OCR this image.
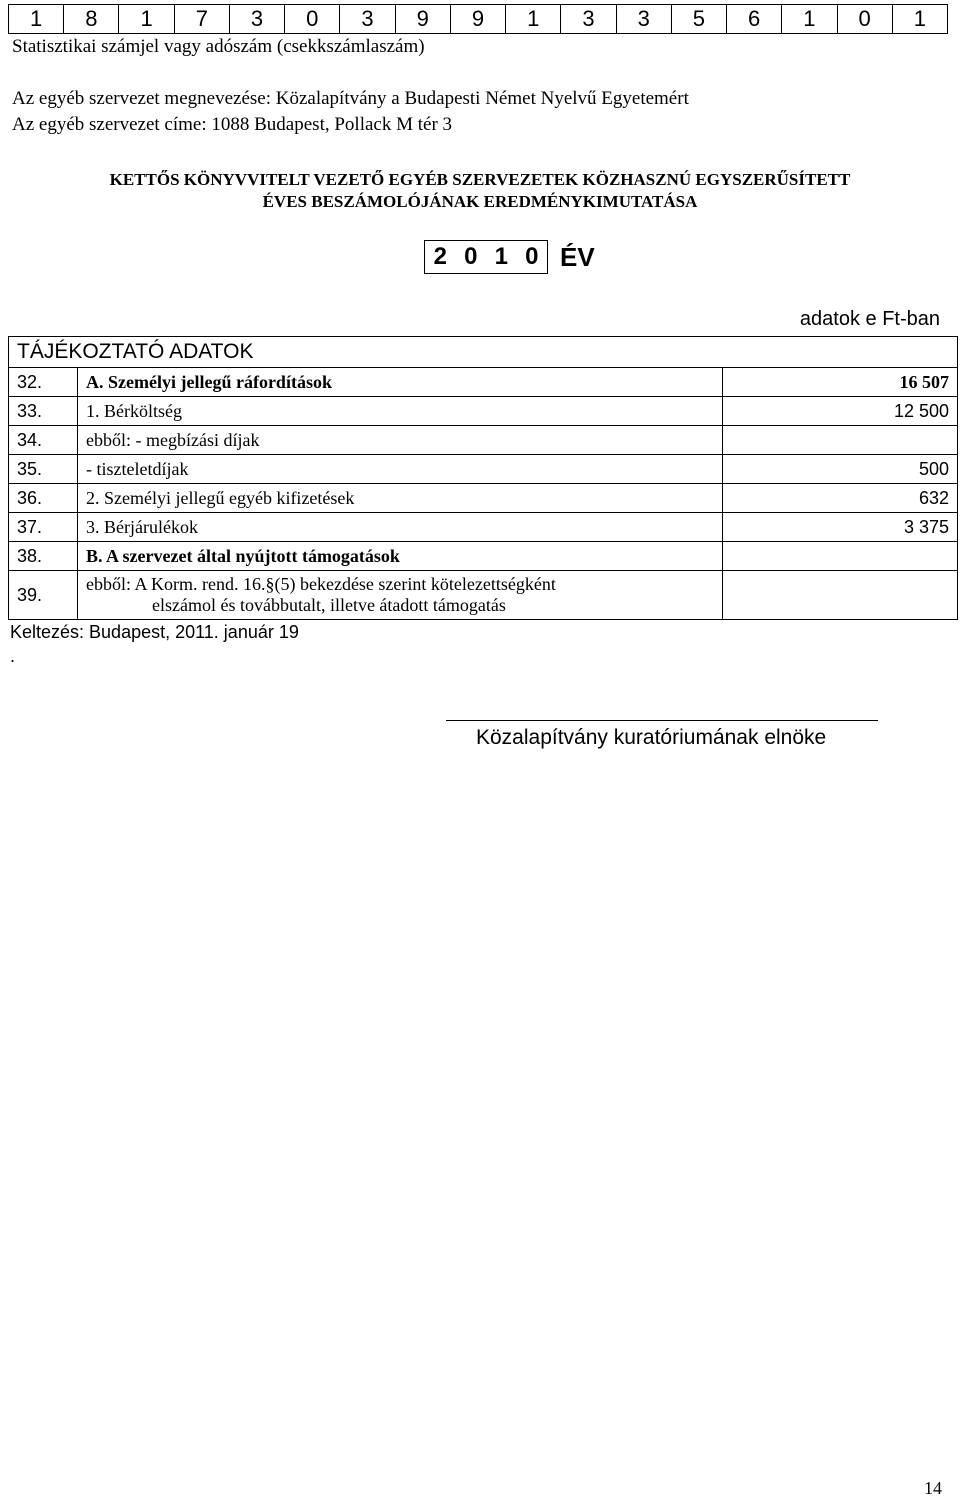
1	8	1	7	3	0	3	9	9	1	3	3	5	6	1	0	1
Statisztikai számjel vagy adószám (csekkszámlaszám)
Az egyéb szervezet megnevezése: Közalapítvány a Budapesti Német Nyelvű Egyetemért
Az egyéb szervezet címe: 1088 Budapest, Pollack M tér 3
KETTŐS KÖNYVVITELT VEZETŐ EGYÉB SZERVEZETEK KÖZHASZNÚ EGYSZERŰSÍTETT
ÉVES BESZÁMOLÓJÁNAK EREDMÉNYKIMUTATÁSA
2 0 1 0 ÉV
adatok e Ft-ban
TÁJÉKOZTATÓ ADATOK		
32.	A. Személyi jellegű ráfordítások	16 507
33.	1. Bérköltség	12 500
34.	ebből: - megbízási díjak	
35.	- tiszteletdíjak	500
36.	2. Személyi jellegű egyéb kifizetések	632
37.	3. Bérjárulékok	3 375
38.	B. A szervezet által nyújtott támogatások	
39.	ebből: A Korm. rend. 16.§(5) bekezdése szerint kötelezettségként
elszámol és továbbutalt, illetve átadott támogatás	

Keltezés: Budapest, 2011. január 19
.
Közalapítvány kuratóriumának elnöke
14
